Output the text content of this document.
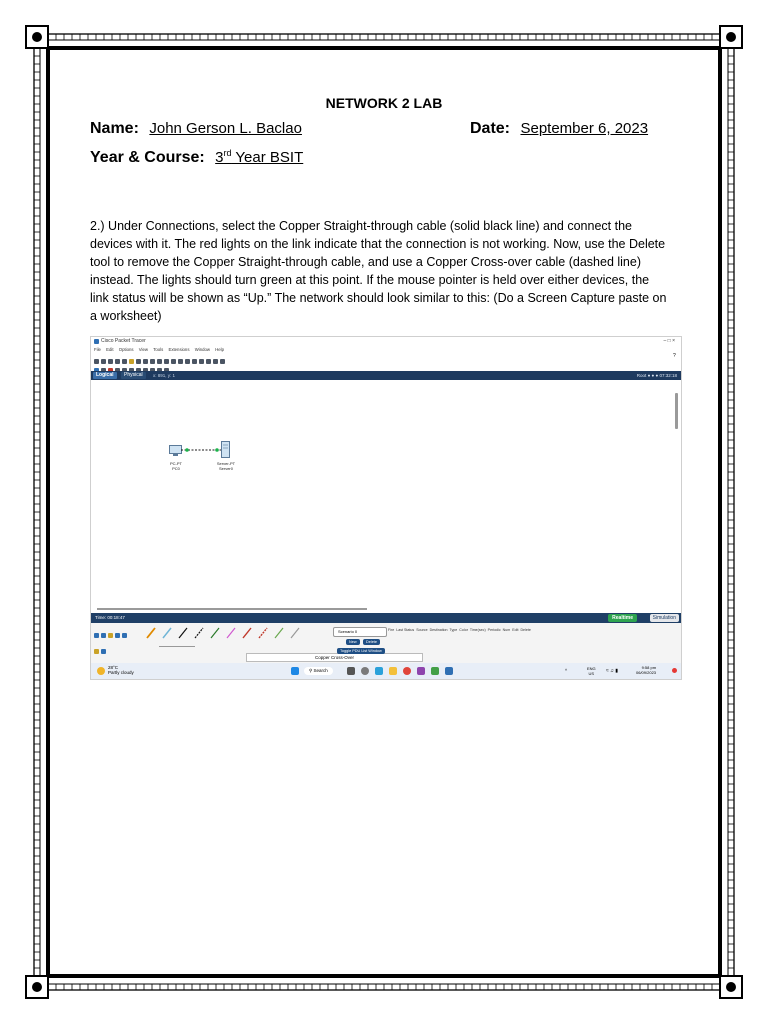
NETWORK 2 LAB
Name: John Gerson L. Baclao	Date: September 6, 2023
Year & Course: 3rd Year BSIT
2.) Under Connections, select the Copper Straight-through cable (solid black line) and connect the devices with it. The red lights on the link indicate that the connection is not working. Now, use the Delete tool to remove the Copper Straight-through cable, and use a Copper Cross-over cable (dashed line) instead. The lights should turn green at this point. If the mouse pointer is held over either devices, the link status will be shown as “Up.” The network should look similar to this: (Do a Screen Capture paste on a worksheet)
Cisco Packet Tracer	– □ ×
File Edit Options View Tools Extensions Window Help
?
Logical	Physical	x: 891, y: 1	Root ● ● ● 07:32:18
PC-PT
PC0
Server-PT
Server0
Time: 00:18:47	Realtime	Simulation
Copper Cross-Over
Scenario 0
New	Delete
Toggle PDU List Window
Fire Last Status Source Destination Type Color Time(sec) Periodic Num Edit Delete
28°C
Partly cloudy	⚲ Search	^	ENG
US	≈ ♫ ▮
9:58 pm
06/09/2023
